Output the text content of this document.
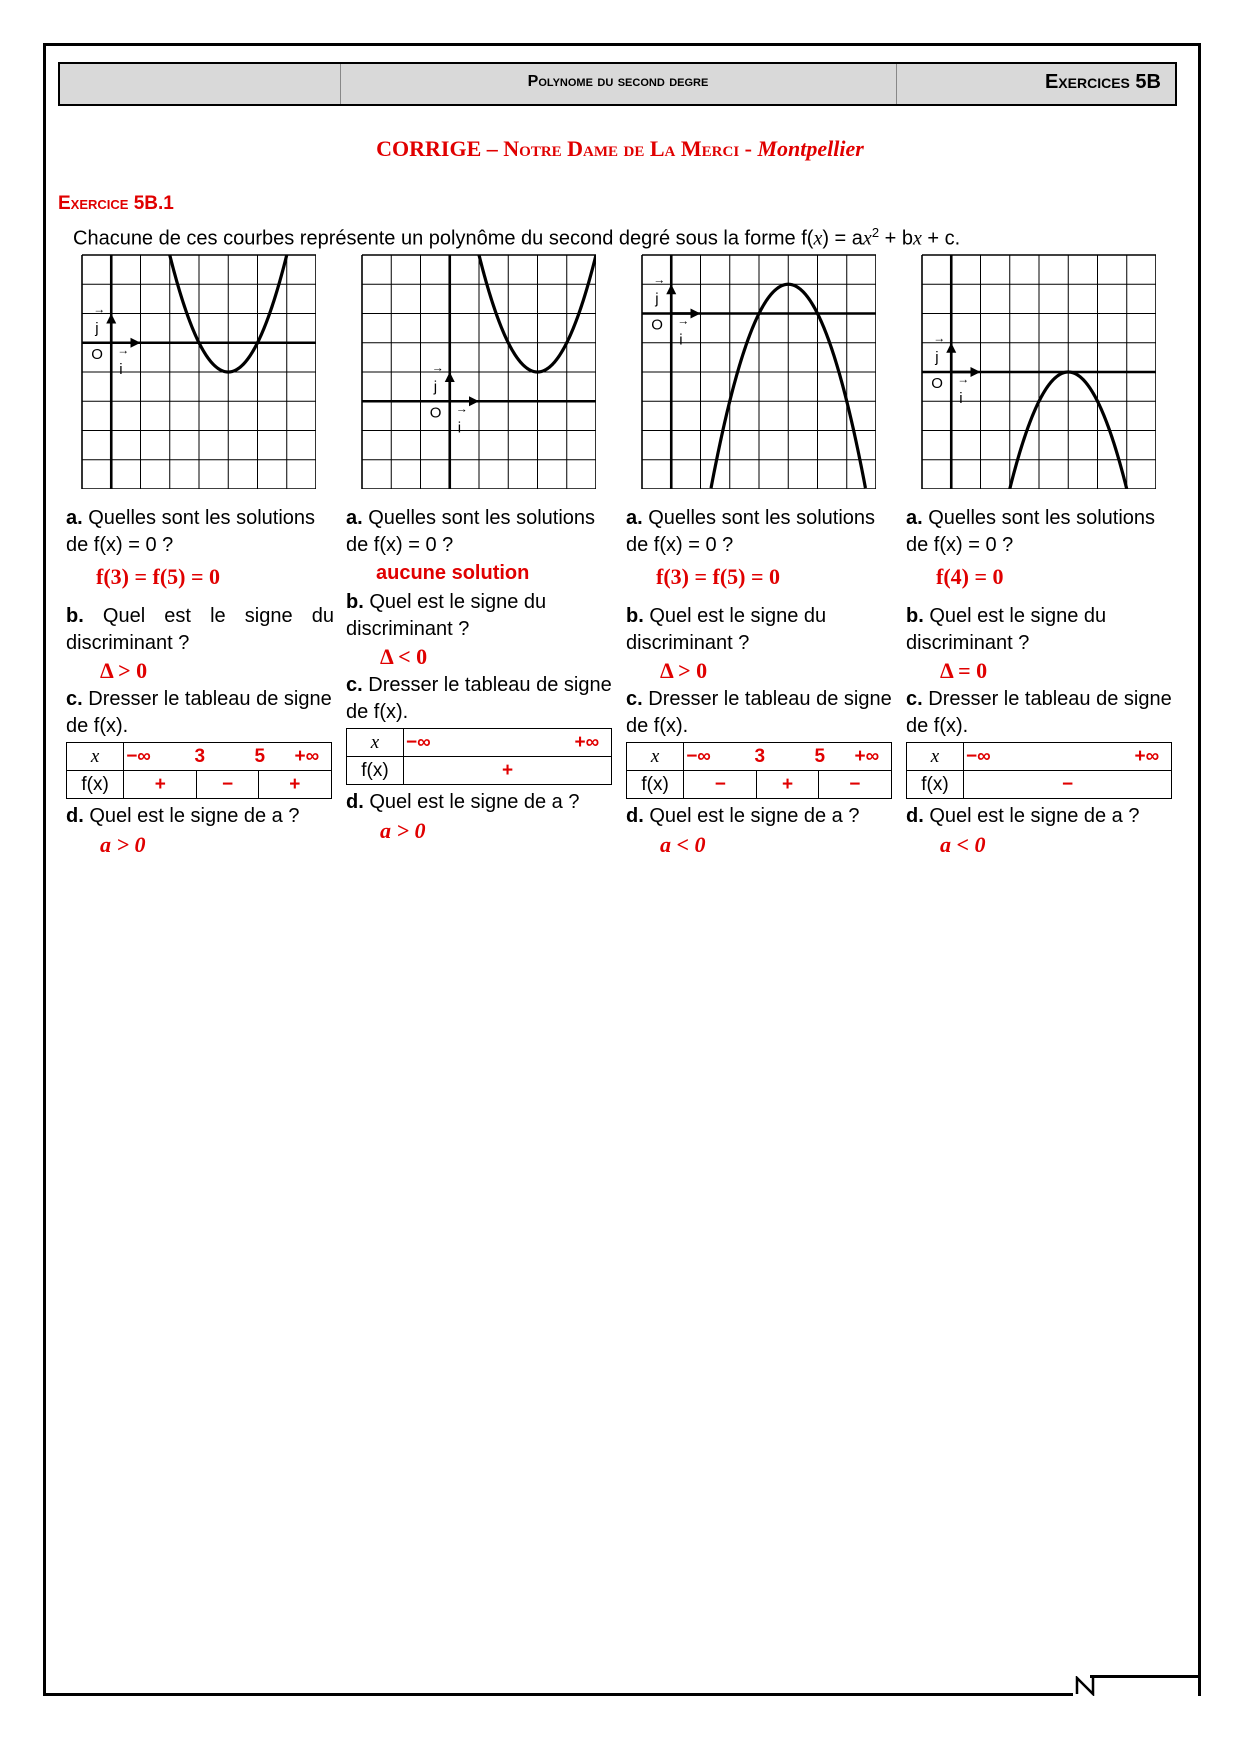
Polynome du second degre	Exercices 5B
CORRIGE – Notre Dame de La Merci - Montpellier
Exercice 5B.1
Chacune de ces courbes représente un polynôme du second degré sous la forme $f(x) = ax^2$ + bx + c.
O
i
→
j
→
O
i
→
j
→
O
i
→
j
→
O
i
→
j
→
a. Quelles sont les solutions de f(x) = 0 ?
f(3) = f(5) = 0
b. Quel est le signe du discriminant ?
Δ > 0
c. Dresser le tableau de signe de f(x).
x	−∞ 3 5 +∞		

f(x)	+	−	+
d. Quel est le signe de a ?
a > 0
a. Quelles sont les solutions de f(x) = 0 ?
aucune solution
b. Quel est le signe du discriminant ?
Δ < 0
c. Dresser le tableau de signe de f(x).
x	−∞ +∞

f(x)	+
d. Quel est le signe de a ?
a > 0
a. Quelles sont les solutions de f(x) = 0 ?
f(3) = f(5) = 0
b. Quel est le signe du discriminant ?
Δ > 0
c. Dresser le tableau de signe de f(x).
x	−∞ 3 5 +∞		

f(x)	−	+	−
d. Quel est le signe de a ?
a < 0
a. Quelles sont les solutions de f(x) = 0 ?
f(4) = 0
b. Quel est le signe du discriminant ?
Δ = 0
c. Dresser le tableau de signe de f(x).
x	−∞ +∞

f(x)	−
d. Quel est le signe de a ?
a < 0
